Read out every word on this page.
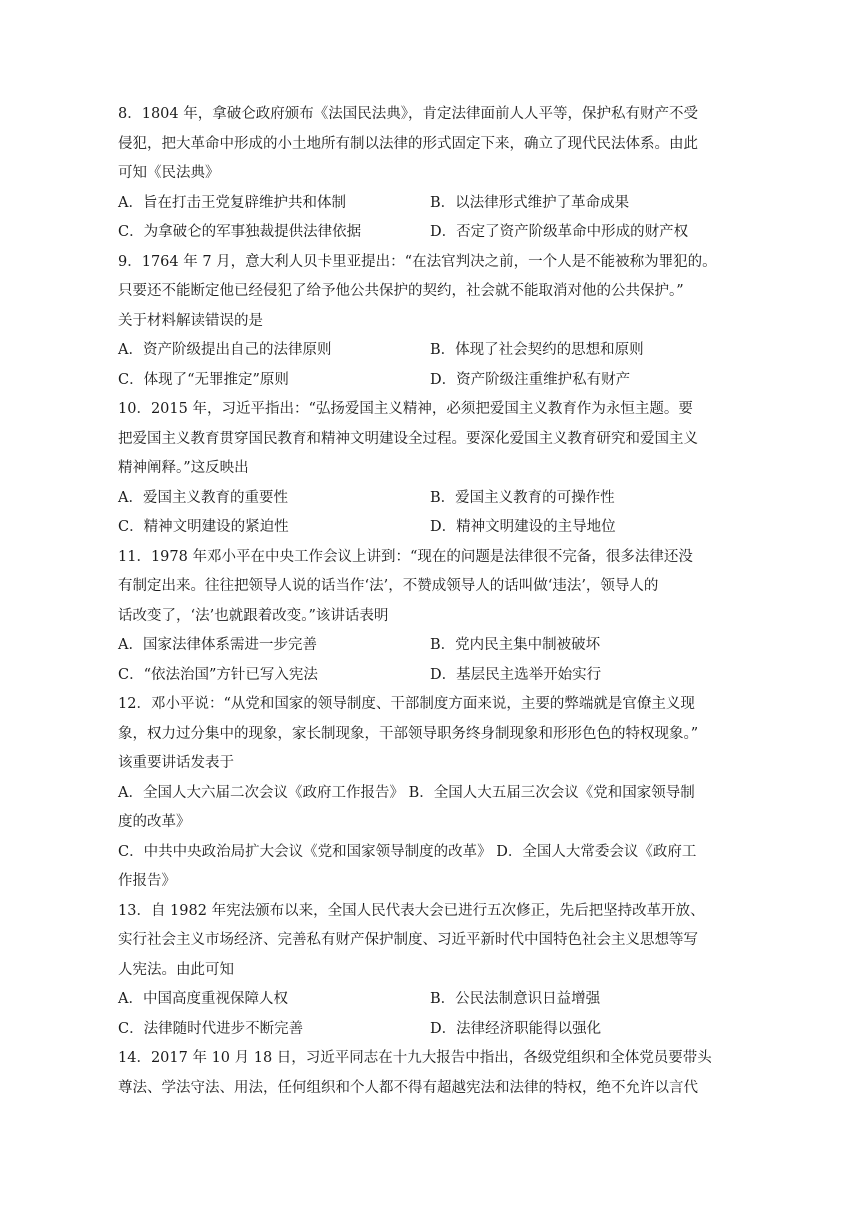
8．1804 年，拿破仑政府颁布《法国民法典》，肯定法律面前人人平等，保护私有财产不受
侵犯，把大革命中形成的小土地所有制以法律的形式固定下来，确立了现代民法体系。由此
可知《民法典》
A．旨在打击王党复辟维护共和体制	B．以法律形式维护了革命成果
C．为拿破仑的军事独裁提供法律依据	D．否定了资产阶级革命中形成的财产权
9．1764 年 7 月，意大利人贝卡里亚提出：“在法官判决之前，一个人是不能被称为罪犯的。
只要还不能断定他已经侵犯了给予他公共保护的契约，社会就不能取消对他的公共保护。”
关于材料解读错误的是
A．资产阶级提出自己的法律原则	B．体现了社会契约的思想和原则
C．体现了“无罪推定”原则	D．资产阶级注重维护私有财产
10．2015 年，习近平指出：“弘扬爱国主义精神，必须把爱国主义教育作为永恒主题。要
把爱国主义教育贯穿国民教育和精神文明建设全过程。要深化爱国主义教育研究和爱国主义
精神阐释。”这反映出
A．爱国主义教育的重要性	B．爱国主义教育的可操作性
C．精神文明建设的紧迫性	D．精神文明建设的主导地位
11．1978 年邓小平在中央工作会议上讲到：“现在的问题是法律很不完备，很多法律还没
有制定出来。往往把领导人说的话当作‘法’，不赞成领导人的话叫做‘违法’，领导人的
话改变了，‘法’也就跟着改变。”该讲话表明
A．国家法律体系需进一步完善	B．党内民主集中制被破坏
C．“依法治国”方针已写入宪法	D．基层民主选举开始实行
12．邓小平说：“从党和国家的领导制度、干部制度方面来说，主要的弊端就是官僚主义现
象，权力过分集中的现象，家长制现象，干部领导职务终身制现象和形形色色的特权现象。”
该重要讲话发表于
A．全国人大六届二次会议《政府工作报告》 B．全国人大五届三次会议《党和国家领导制
度的改革》
C．中共中央政治局扩大会议《党和国家领导制度的改革》 D．全国人大常委会议《政府工
作报告》
13．自 1982 年宪法颁布以来，全国人民代表大会已进行五次修正，先后把坚持改革开放、
实行社会主义市场经济、完善私有财产保护制度、习近平新时代中国特色社会主义思想等写
人宪法。由此可知
A．中国高度重视保障人权	B．公民法制意识日益增强
C．法律随时代进步不断完善	D．法律经济职能得以强化
14．2017 年 10 月 18 日，习近平同志在十九大报告中指出，各级党组织和全体党员要带头
尊法、学法守法、用法，任何组织和个人都不得有超越宪法和法律的特权，绝不允许以言代
